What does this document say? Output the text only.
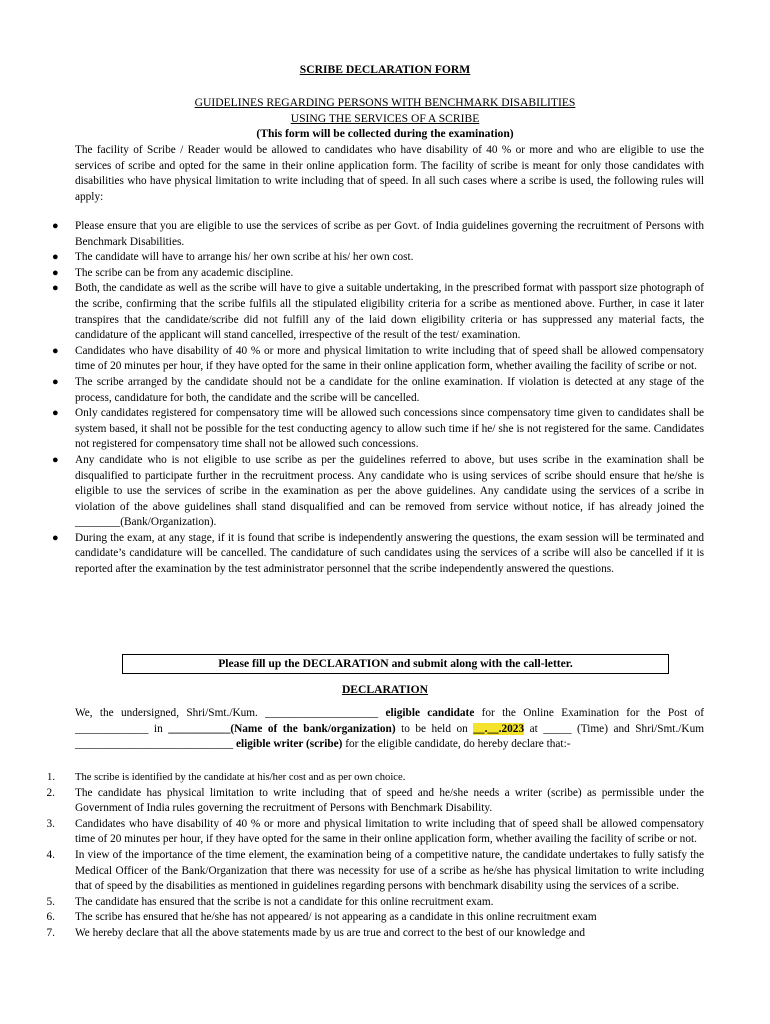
SCRIBE DECLARATION FORM
GUIDELINES REGARDING PERSONS WITH BENCHMARK DISABILITIES
USING THE SERVICES OF A SCRIBE
(This form will be collected during the examination)
The facility of Scribe / Reader would be allowed to candidates who have disability of 40 % or more and who are eligible to use the services of scribe and opted for the same in their online application form. The facility of scribe is meant for only those candidates with disabilities who have physical limitation to write including that of speed. In all such cases where a scribe is used, the following rules will apply:
● Please ensure that you are eligible to use the services of scribe as per Govt. of India guidelines governing the recruitment of Persons with Benchmark Disabilities.
● The candidate will have to arrange his/ her own scribe at his/ her own cost.
● The scribe can be from any academic discipline.
● Both, the candidate as well as the scribe will have to give a suitable undertaking, in the prescribed format with passport size photograph of the scribe, confirming that the scribe fulfils all the stipulated eligibility criteria for a scribe as mentioned above. Further, in case it later transpires that the candidate/scribe did not fulfill any of the laid down eligibility criteria or has suppressed any material facts, the candidature of the applicant will stand cancelled, irrespective of the result of the test/ examination.
● Candidates who have disability of 40 % or more and physical limitation to write including that of speed shall be allowed compensatory time of 20 minutes per hour, if they have opted for the same in their online application form, whether availing the facility of scribe or not.
● The scribe arranged by the candidate should not be a candidate for the online examination. If violation is detected at any stage of the process, candidature for both, the candidate and the scribe will be cancelled.
● Only candidates registered for compensatory time will be allowed such concessions since compensatory time given to candidates shall be system based, it shall not be possible for the test conducting agency to allow such time if he/ she is not registered for the same. Candidates not registered for compensatory time shall not be allowed such concessions.
● Any candidate who is not eligible to use scribe as per the guidelines referred to above, but uses scribe in the examination shall be disqualified to participate further in the recruitment process. Any candidate who is using services of scribe should ensure that he/she is eligible to use the services of scribe in the examination as per the above guidelines. Any candidate using the services of a scribe in violation of the above guidelines shall stand disqualified and can be removed from service without notice, if has already joined the ________(Bank/Organization).
● During the exam, at any stage, if it is found that scribe is independently answering the questions, the exam session will be terminated and candidate’s candidature will be cancelled. The candidature of such candidates using the services of a scribe will also be cancelled if it is reported after the examination by the test administrator personnel that the scribe independently answered the questions.
Please fill up the DECLARATION and submit along with the call-letter.
DECLARATION
We, the undersigned, Shri/Smt./Kum. ____________________ eligible candidate for the Online Examination for the Post of _____________ in ___________(Name of the bank/organization) to be held on __.__.2023 at _____ (Time) and Shri/Smt./Kum ____________________________ eligible writer (scribe) for the eligible candidate, do hereby declare that:-
1. The scribe is identified by the candidate at his/her cost and as per own choice.
2. The candidate has physical limitation to write including that of speed and he/she needs a writer (scribe) as permissible under the Government of India rules governing the recruitment of Persons with Benchmark Disability.
3. Candidates who have disability of 40 % or more and physical limitation to write including that of speed shall be allowed compensatory time of 20 minutes per hour, if they have opted for the same in their online application form, whether availing the facility of scribe or not.
4. In view of the importance of the time element, the examination being of a competitive nature, the candidate undertakes to fully satisfy the Medical Officer of the Bank/Organization that there was necessity for use of a scribe as he/she has physical limitation to write including that of speed by the disabilities as mentioned in guidelines regarding persons with benchmark disability using the services of a scribe.
5. The candidate has ensured that the scribe is not a candidate for this online recruitment exam.
6. The scribe has ensured that he/she has not appeared/ is not appearing as a candidate in this online recruitment exam
7. We hereby declare that all the above statements made by us are true and correct to the best of our knowledge and
